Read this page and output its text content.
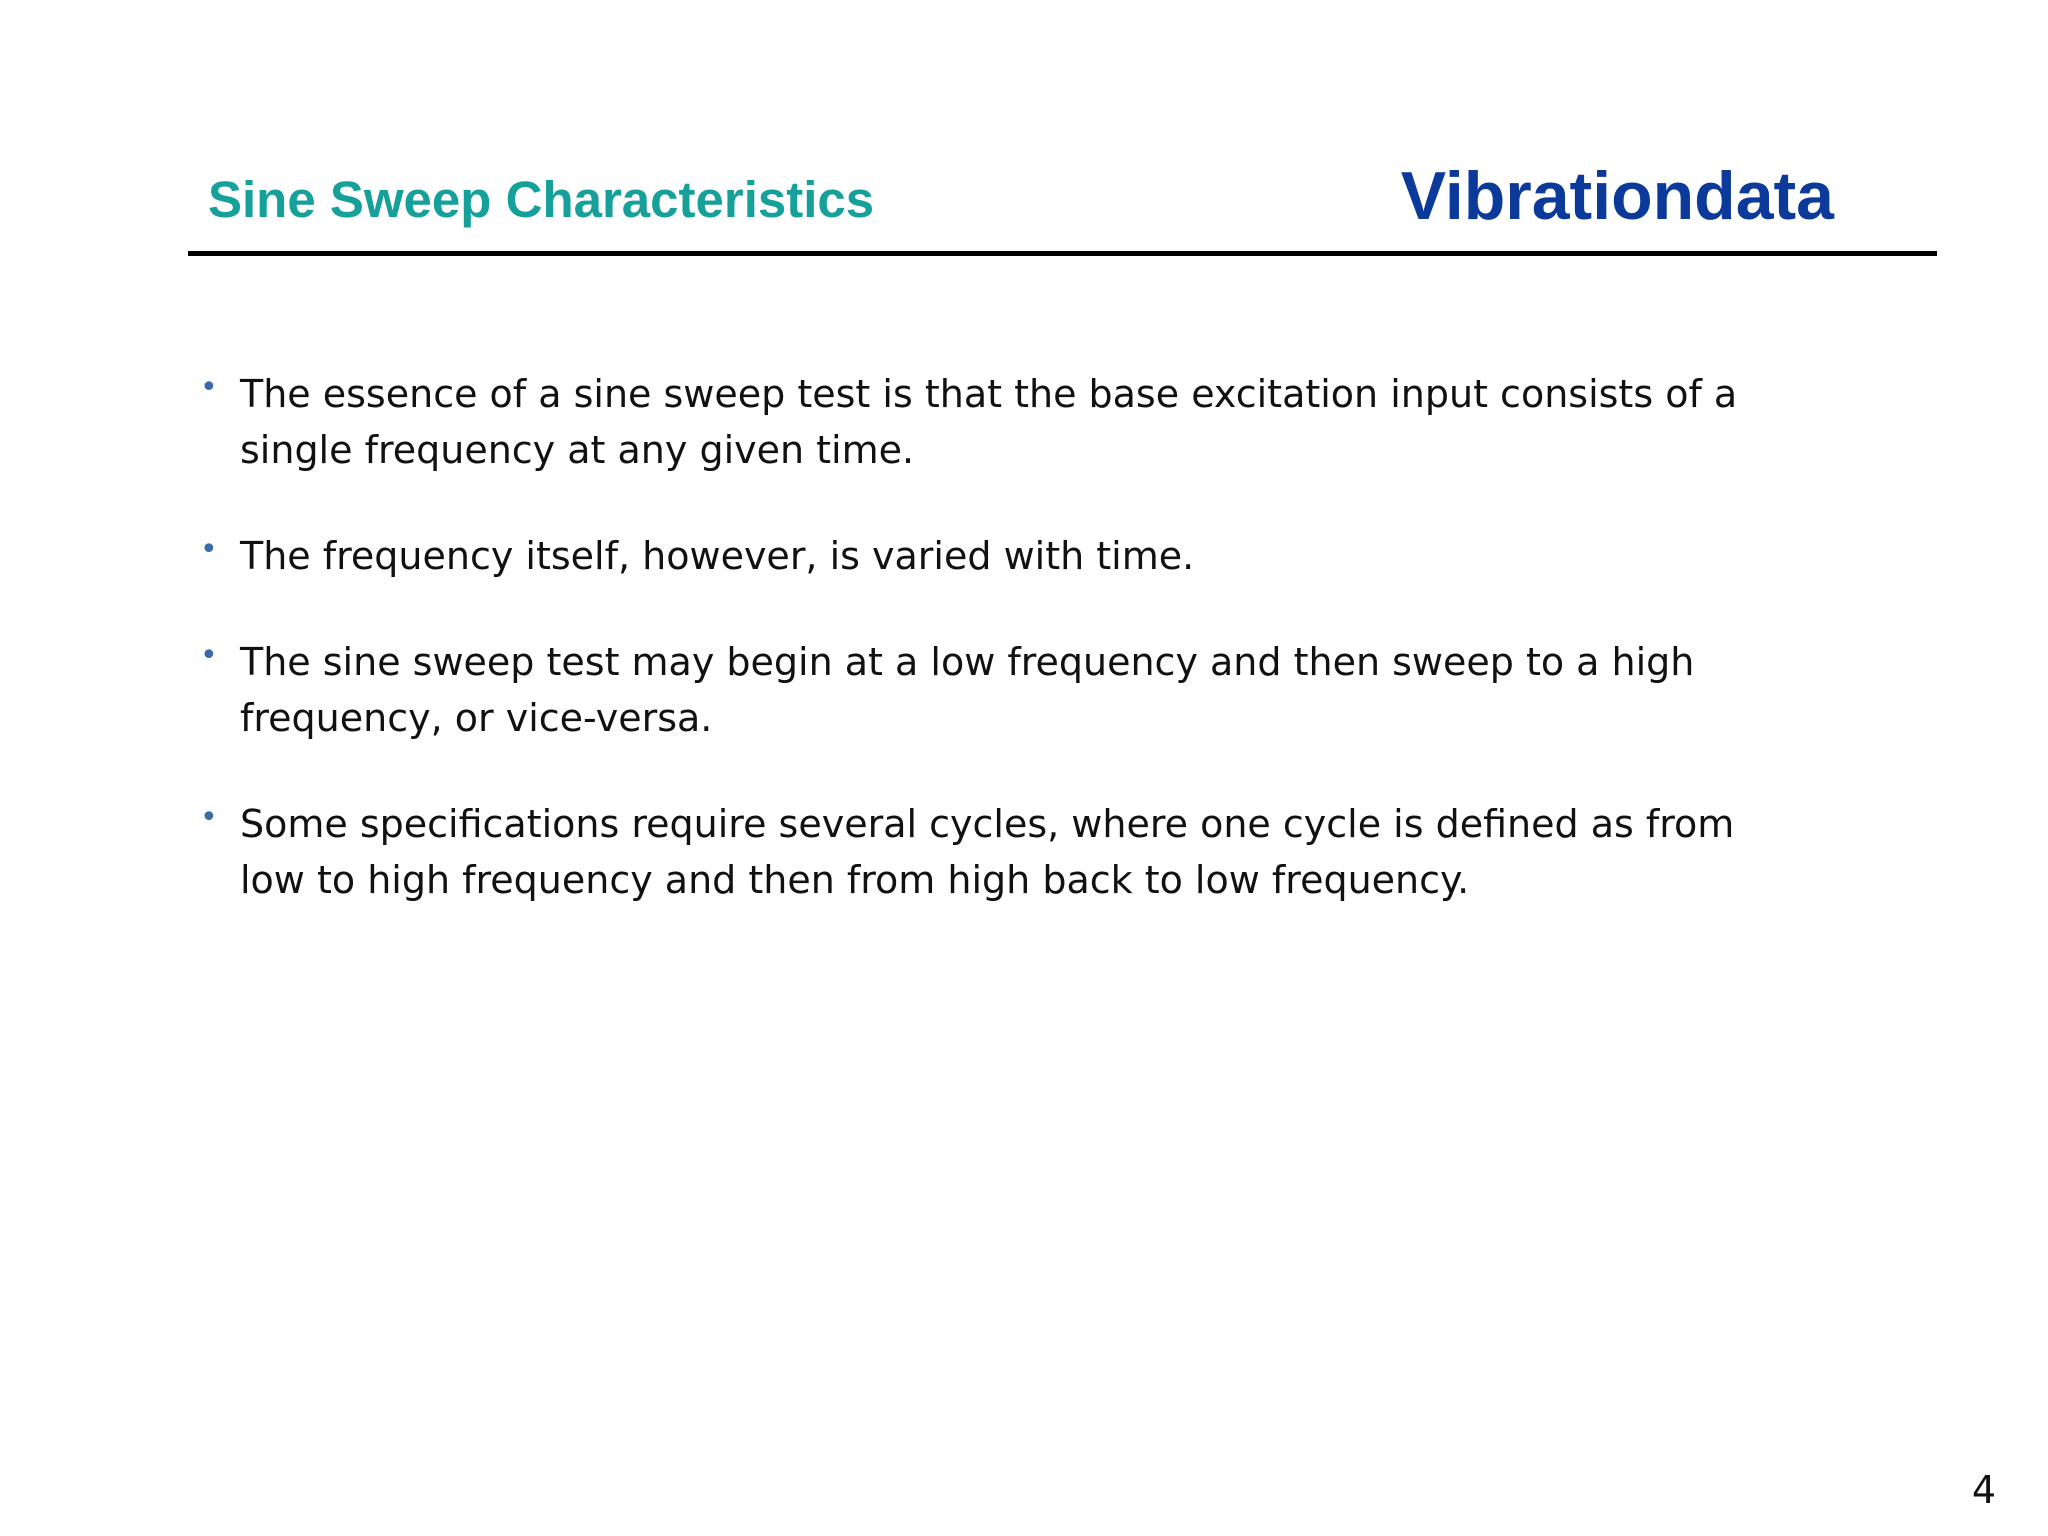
Sine Sweep Characteristics	Vibrationdata
• The essence of a sine sweep test is that the base excitation input consists of a single frequency at any given time.
• The frequency itself, however, is varied with time.
• The sine sweep test may begin at a low frequency and then sweep to a high frequency, or vice-versa.
• Some specifications require several cycles, where one cycle is defined as from low to high frequency and then from high back to low frequency.
4
